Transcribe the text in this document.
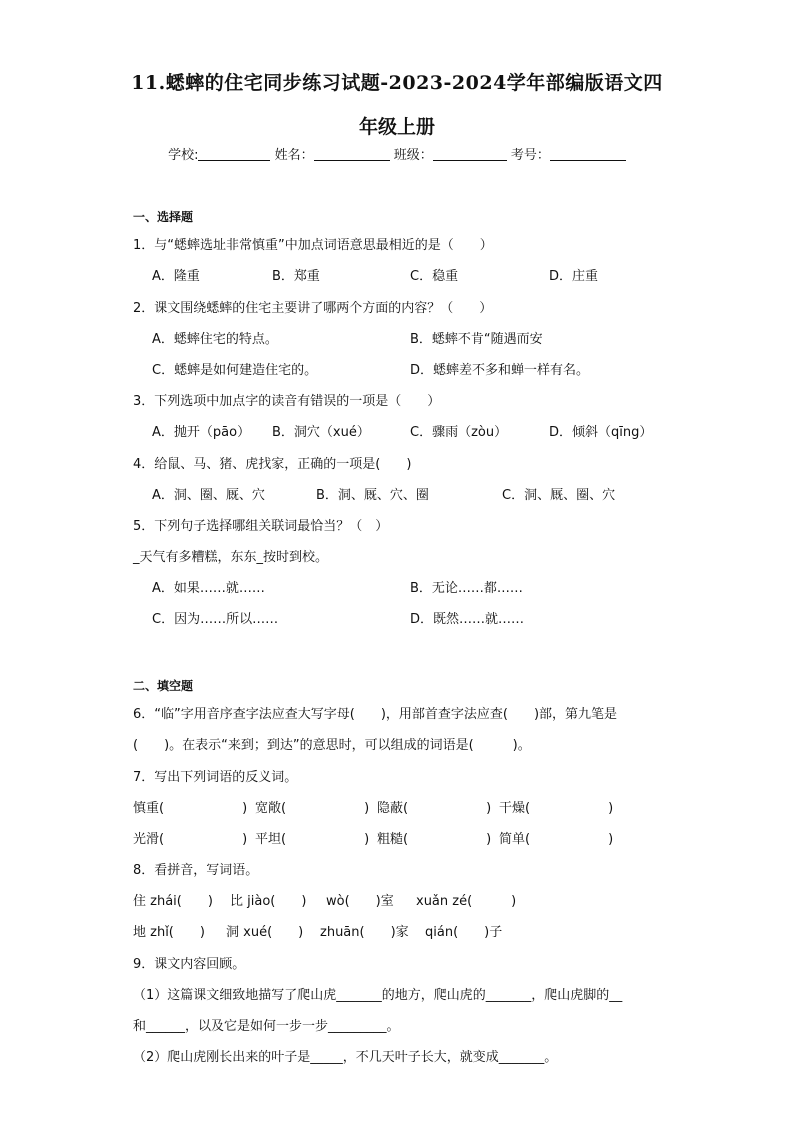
11.蟋蟀的住宅同步练习试题-2023-2024学年部编版语文四
年级上册
学校:	姓名：	班级：	考号：
一、选择题
1．与“蟋蟀选址非常慎重”中加点词语意思最相近的是（　　）
A．隆重	B．郑重	C．稳重	D．庄重
2．课文围绕蟋蟀的住宅主要讲了哪两个方面的内容？（　　）
A．蟋蟀住宅的特点。	B．蟋蟀不肯“随遇而安
C．蟋蟀是如何建造住宅的。	D．蟋蟀差不多和蝉一样有名。
3．下列选项中加点字的读音有错误的一项是（　　）
A．抛开（pāo） B．洞穴（xué）	C．骤雨（zòu）	D．倾斜（qīng）
4．给鼠、马、猪、虎找家，正确的一项是(　　)
A．洞、圈、厩、穴	B．洞、厩、穴、圈	C．洞、厩、圈、穴
5．下列句子选择哪组关联词最恰当？（　）
_天气有多糟糕，东东_按时到校。
A．如果……就……	B．无论……都……
C．因为……所以……	D．既然……就……
二、填空题
6．“临”字用音序查字法应查大写字母(　　)，用部首查字法应查(　　)部，第九笔是
(　　)。在表示“来到；到达”的意思时，可以组成的词语是(　　　)。
7．写出下列词语的反义词。
慎重(　　　　　　) 宽敞(　　　　　　) 隐蔽(　　　　　　) 干燥(　　　　　　)
光滑(　　　　　　) 平坦(　　　　　　) 粗糙(　　　　　　) 简单(　　　　　　)
8．看拼音，写词语。
住 zhái(　　) 比 jiào(　　) wò(　　)室 xuǎn zé(　　　)
地 zhǐ(　　) 洞 xué(　　) zhuān(　　)家 qián(　　)子
9．课文内容回顾。
（1）这篇课文细致地描写了爬山虎_______的地方，爬山虎的_______，爬山虎脚的__
和______，以及它是如何一步一步_________。
（2）爬山虎刚长出来的叶子是_____，不几天叶子长大，就变成_______。
